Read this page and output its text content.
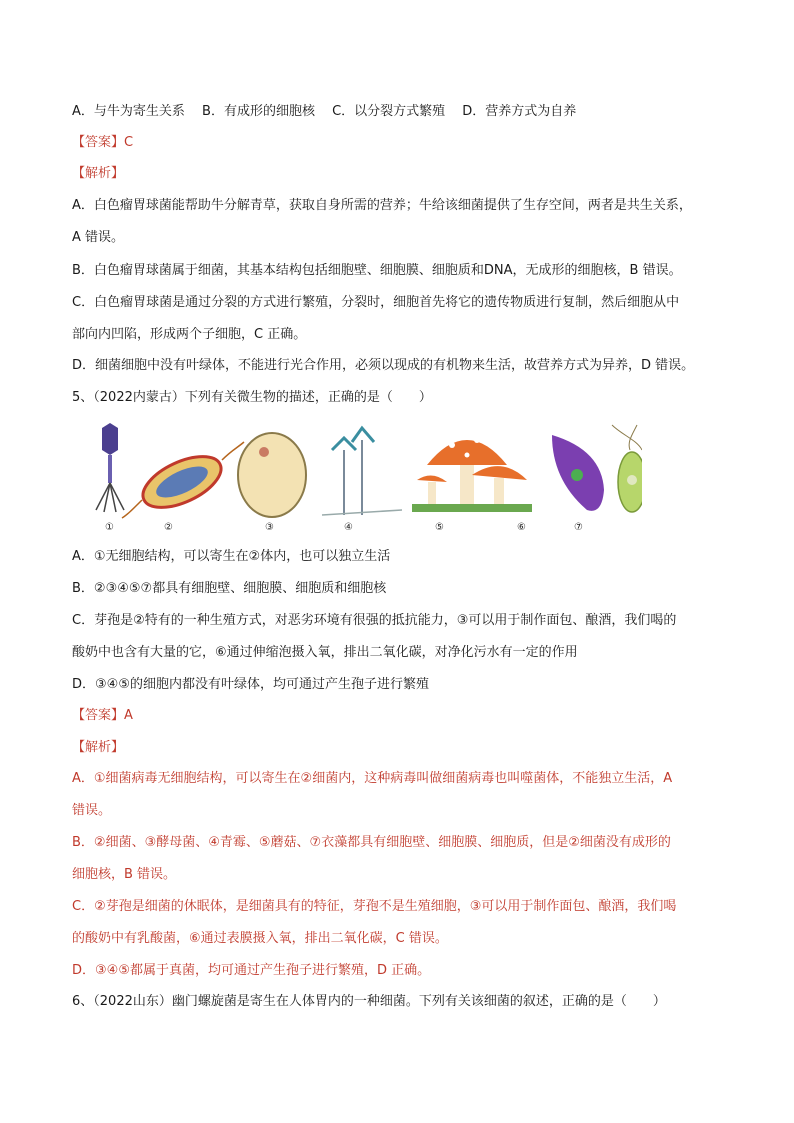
A．与牛为寄生关系　 B．有成形的细胞核　 C．以分裂方式繁殖　 D．营养方式为自养
【答案】C
【解析】
A．白色瘤胃球菌能帮助牛分解青草，获取自身所需的营养；牛给该细菌提供了生存空间，两者是共生关系，
A 错误。
B．白色瘤胃球菌属于细菌，其基本结构包括细胞壁、细胞膜、细胞质和DNA，无成形的细胞核，B 错误。
C．白色瘤胃球菌是通过分裂的方式进行繁殖，分裂时，细胞首先将它的遗传物质进行复制，然后细胞从中
部向内凹陷，形成两个子细胞，C 正确。
D．细菌细胞中没有叶绿体，不能进行光合作用，必须以现成的有机物来生活，故营养方式为异养，D 错误。
5、（2022内蒙古）下列有关微生物的描述，正确的是（　　）
①	②	③	④	⑤	⑥	⑦
A．①无细胞结构，可以寄生在②体内，也可以独立生活
B．②③④⑤⑦都具有细胞壁、细胞膜、细胞质和细胞核
C．芽孢是②特有的一种生殖方式，对恶劣环境有很强的抵抗能力，③可以用于制作面包、酿酒，我们喝的
酸奶中也含有大量的它，⑥通过伸缩泡摄入氧，排出二氧化碳，对净化污水有一定的作用
D．③④⑤的细胞内都没有叶绿体，均可通过产生孢子进行繁殖
【答案】A
【解析】
A．①细菌病毒无细胞结构，可以寄生在②细菌内，这种病毒叫做细菌病毒也叫噬菌体，不能独立生活，A
错误。
B．②细菌、③酵母菌、④青霉、⑤蘑菇、⑦衣藻都具有细胞壁、细胞膜、细胞质，但是②细菌没有成形的
细胞核，B 错误。
C．②芽孢是细菌的休眠体，是细菌具有的特征，芽孢不是生殖细胞，③可以用于制作面包、酿酒，我们喝
的酸奶中有乳酸菌，⑥通过表膜摄入氧，排出二氧化碳，C 错误。
D．③④⑤都属于真菌，均可通过产生孢子进行繁殖，D 正确。
6、（2022山东）幽门螺旋菌是寄生在人体胃内的一种细菌。下列有关该细菌的叙述，正确的是（　　）
